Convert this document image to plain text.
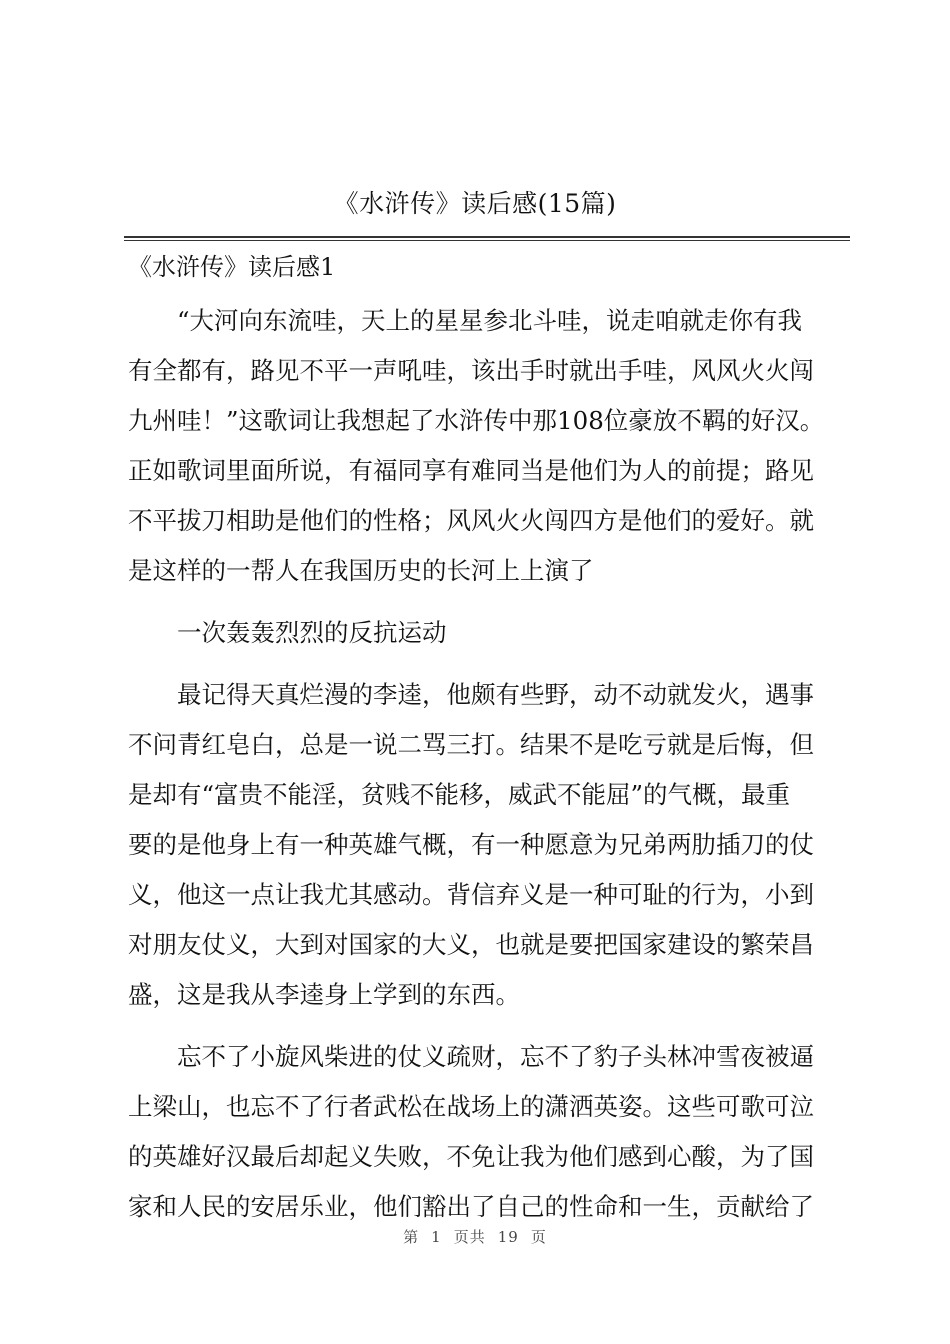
《水浒传》读后感(15篇)
《水浒传》读后感1
“大河向东流哇，天上的星星参北斗哇，说走咱就走你有我
有全都有，路见不平一声吼哇，该出手时就出手哇，风风火火闯
九州哇！”这歌词让我想起了水浒传中那108位豪放不羁的好汉。
正如歌词里面所说，有福同享有难同当是他们为人的前提；路见
不平拔刀相助是他们的性格；风风火火闯四方是他们的爱好。就
是这样的一帮人在我国历史的长河上上演了
一次轰轰烈烈的反抗运动
最记得天真烂漫的李逵，他颇有些野，动不动就发火，遇事
不问青红皂白，总是一说二骂三打。结果不是吃亏就是后悔，但
是却有“富贵不能淫，贫贱不能移，威武不能屈”的气概，最重
要的是他身上有一种英雄气概，有一种愿意为兄弟两肋插刀的仗
义，他这一点让我尤其感动。背信弃义是一种可耻的行为，小到
对朋友仗义，大到对国家的大义，也就是要把国家建设的繁荣昌
盛，这是我从李逵身上学到的东西。
忘不了小旋风柴进的仗义疏财，忘不了豹子头林冲雪夜被逼
上梁山，也忘不了行者武松在战场上的潇洒英姿。这些可歌可泣
的英雄好汉最后却起义失败，不免让我为他们感到心酸，为了国
家和人民的安居乐业，他们豁出了自己的性命和一生，贡献给了
第 1 页共 19 页
